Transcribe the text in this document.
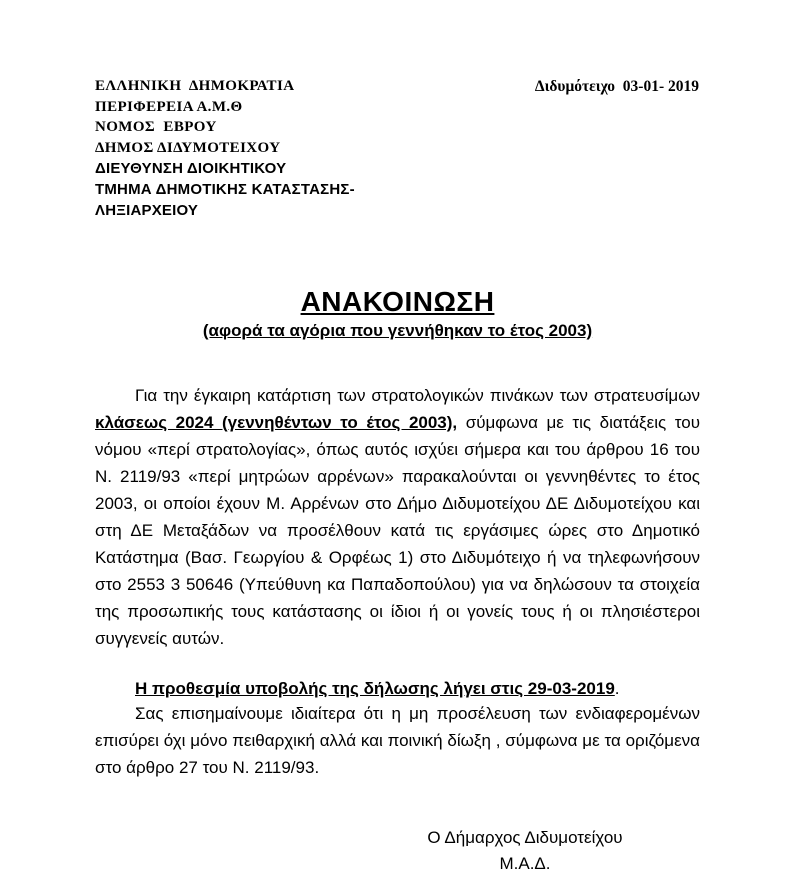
ΕΛΛΗΝΙΚΗ  ΔΗΜΟΚΡΑΤΙΑ
ΠΕΡΙΦΕΡΕΙΑ Α.Μ.Θ
ΝΟΜΟΣ  ΕΒΡΟΥ
ΔΗΜΟΣ ΔΙΔΥΜΟΤΕΙΧΟΥ
ΔΙΕΥΘΥΝΣΗ ΔΙΟΙΚΗΤΙΚΟΥ
ΤΜΗΜΑ ΔΗΜΟΤΙΚΗΣ ΚΑΤΑΣΤΑΣΗΣ-
ΛΗΞΙΑΡΧΕΙΟΥ
Διδυμότειχο  03-01- 2019
ΑΝΑΚΟΙΝΩΣΗ
(αφορά τα αγόρια που γεννήθηκαν το έτος 2003)

Για την έγκαιρη κατάρτιση των στρατολογικών πινάκων των στρατευσίμων κλάσεως 2024 (γεννηθέντων το έτος 2003), σύμφωνα με τις διατάξεις του νόμου «περί στρατολογίας», όπως αυτός ισχύει σήμερα και του άρθρου 16 του Ν. 2119/93 «περί μητρώων αρρένων» παρακαλούνται οι γεννηθέντες το έτος 2003, οι οποίοι έχουν Μ. Αρρένων στο Δήμο Διδυμοτείχου ΔΕ Διδυμοτείχου και στη ΔΕ Μεταξάδων να προσέλθουν κατά τις εργάσιμες ώρες στο Δημοτικό Κατάστημα (Βασ. Γεωργίου & Ορφέως 1) στο Διδυμότειχο ή να τηλεφωνήσουν στο 2553 3 50646 (Υπεύθυνη κα Παπαδοπούλου) για να δηλώσουν τα στοιχεία της προσωπικής τους κατάστασης οι ίδιοι ή οι γονείς τους ή οι πλησιέστεροι συγγενείς αυτών.

Η προθεσμία υποβολής της δήλωσης λήγει στις 29-03-2019.

Σας επισημαίνουμε ιδιαίτερα ότι η μη προσέλευση των ενδιαφερομένων επισύρει όχι μόνο πειθαρχική αλλά και ποινική δίωξη , σύμφωνα με τα οριζόμενα στο άρθρο 27 του Ν. 2119/93.

Ο Δήμαρχος Διδυμοτείχου
Μ.Α.Δ.
